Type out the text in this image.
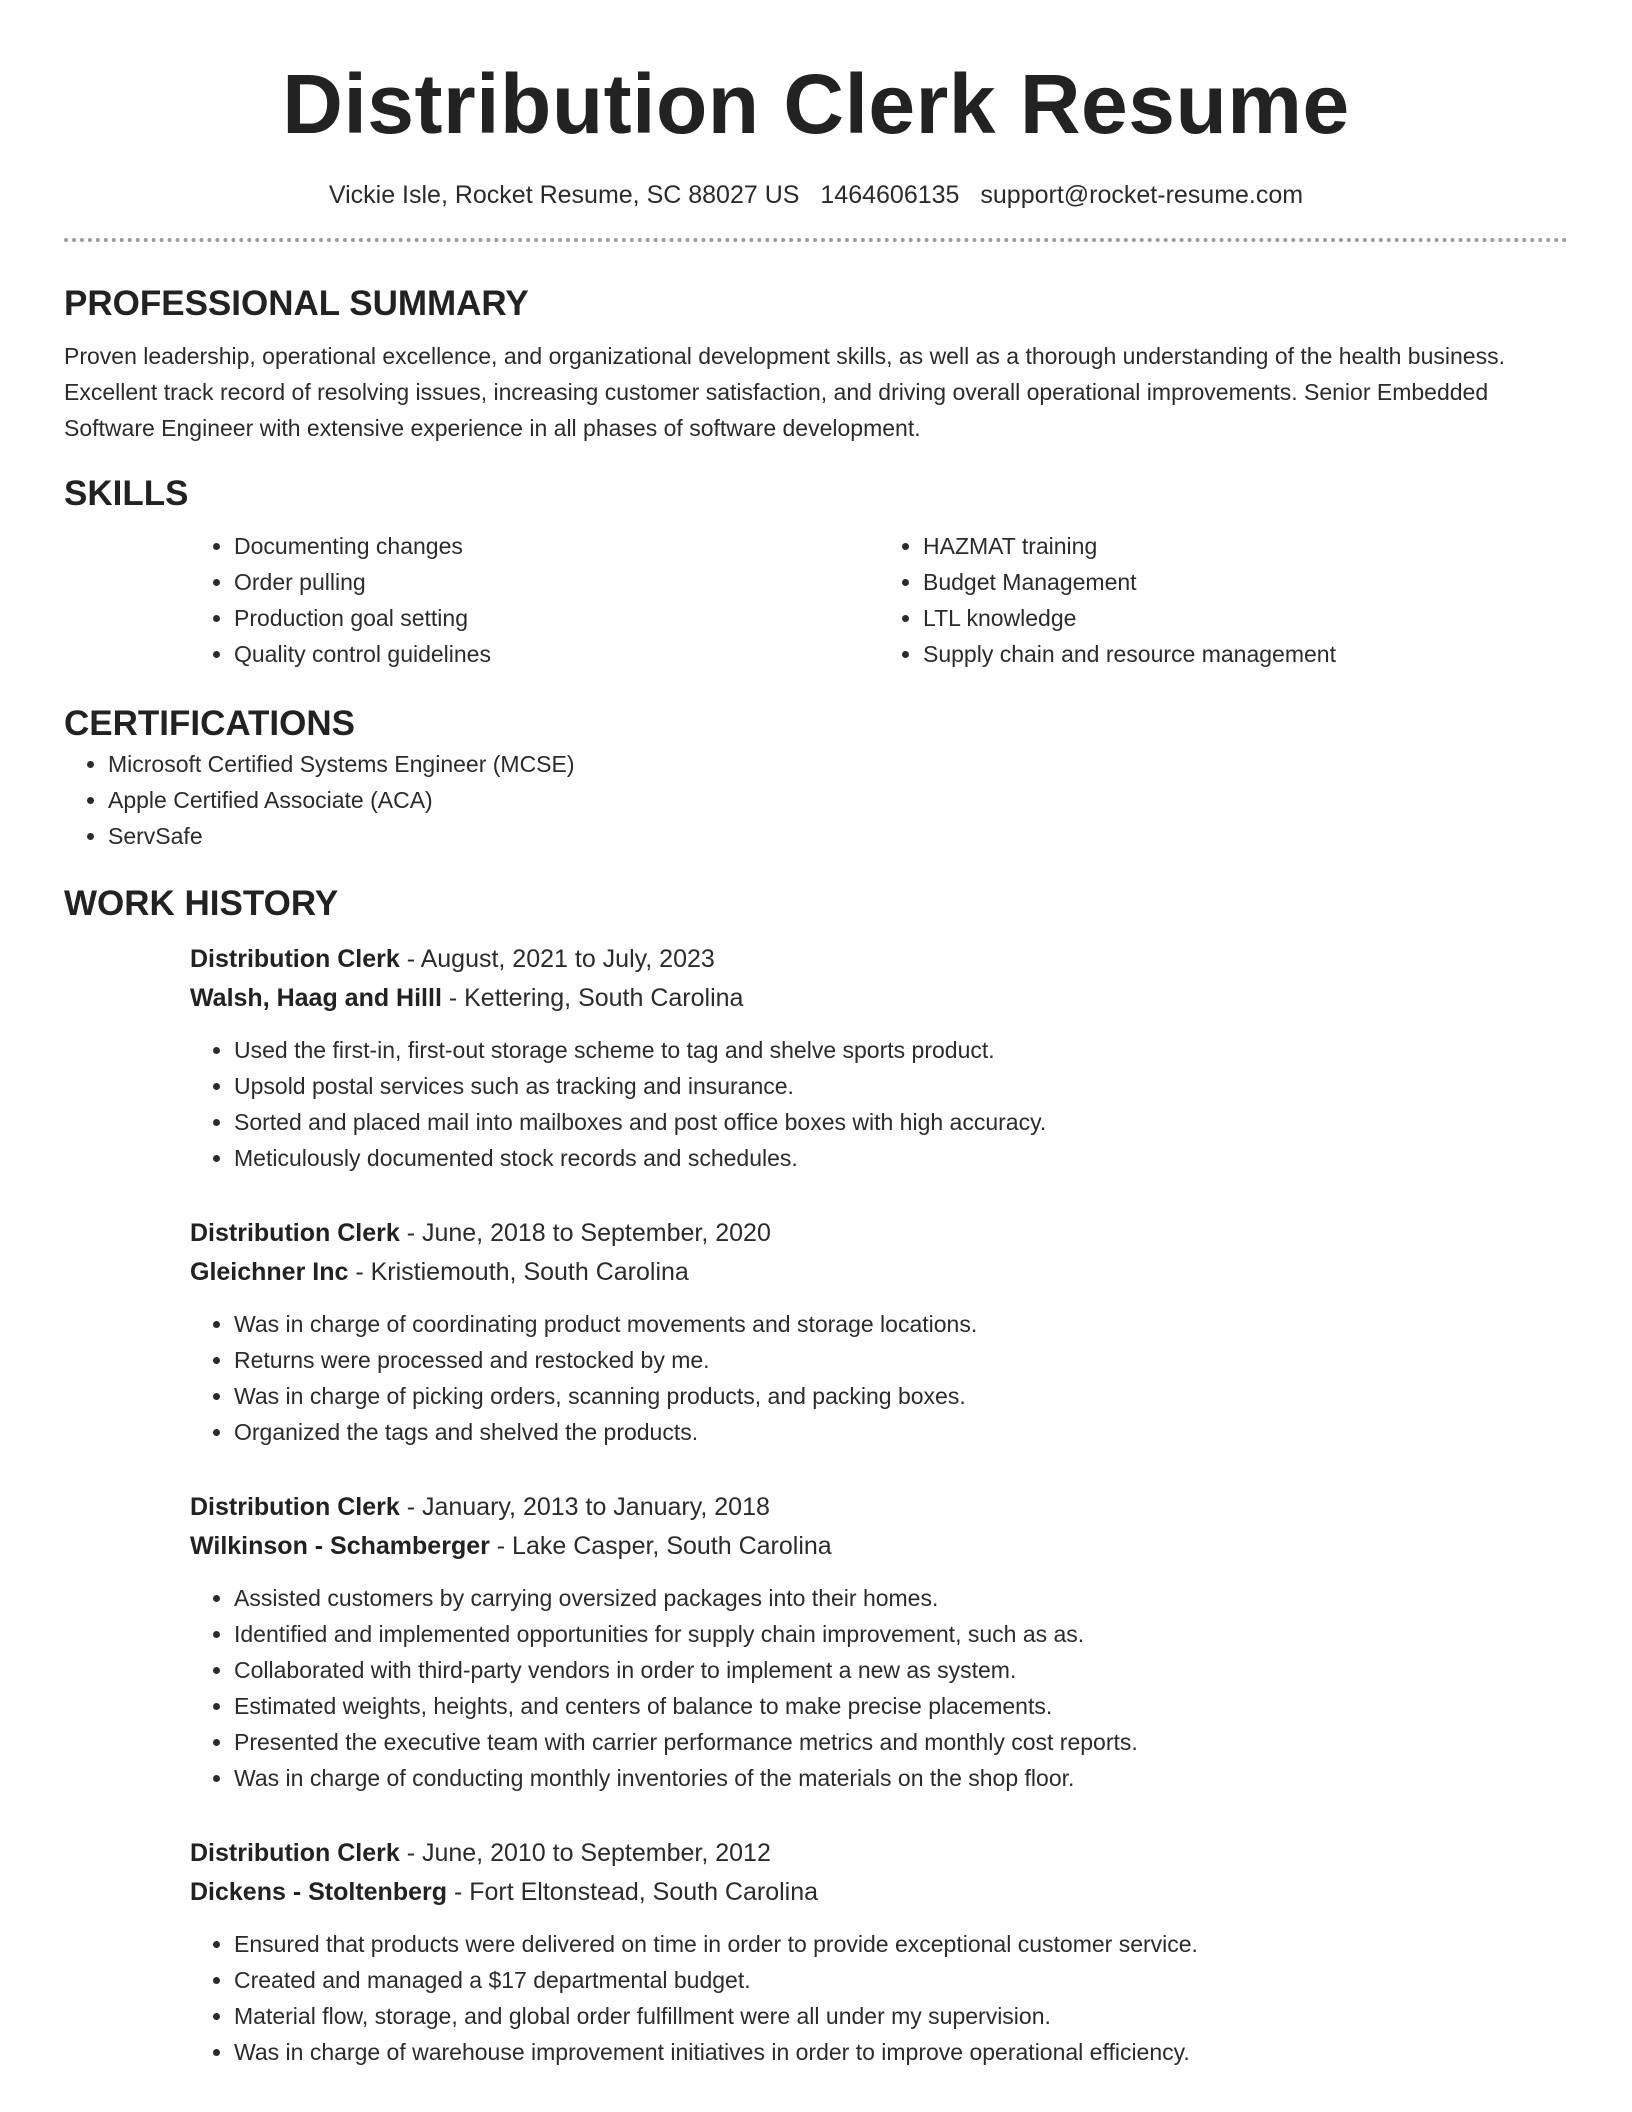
Distribution Clerk Resume
Vickie Isle, Rocket Resume, SC 88027 US 1464606135 support@rocket-resume.com
PROFESSIONAL SUMMARY

Proven leadership, operational excellence, and organizational development skills, as well as a thorough understanding of the health business. Excellent track record of resolving issues, increasing customer satisfaction, and driving overall operational improvements. Senior Embedded Software Engineer with extensive experience in all phases of software development.

SKILLS
• Documenting changes
• Order pulling
• Production goal setting
• Quality control guidelines
• HAZMAT training
• Budget Management
• LTL knowledge
• Supply chain and resource management
CERTIFICATIONS
• Microsoft Certified Systems Engineer (MCSE)
• Apple Certified Associate (ACA)
• ServSafe
WORK HISTORY
Distribution Clerk - August, 2021 to July, 2023
Walsh, Haag and Hilll - Kettering, South Carolina
• Used the first-in, first-out storage scheme to tag and shelve sports product.
• Upsold postal services such as tracking and insurance.
• Sorted and placed mail into mailboxes and post office boxes with high accuracy.
• Meticulously documented stock records and schedules.
Distribution Clerk - June, 2018 to September, 2020
Gleichner Inc - Kristiemouth, South Carolina
• Was in charge of coordinating product movements and storage locations.
• Returns were processed and restocked by me.
• Was in charge of picking orders, scanning products, and packing boxes.
• Organized the tags and shelved the products.
Distribution Clerk - January, 2013 to January, 2018
Wilkinson - Schamberger - Lake Casper, South Carolina
• Assisted customers by carrying oversized packages into their homes.
• Identified and implemented opportunities for supply chain improvement, such as as.
• Collaborated with third-party vendors in order to implement a new as system.
• Estimated weights, heights, and centers of balance to make precise placements.
• Presented the executive team with carrier performance metrics and monthly cost reports.
• Was in charge of conducting monthly inventories of the materials on the shop floor.
Distribution Clerk - June, 2010 to September, 2012
Dickens - Stoltenberg - Fort Eltonstead, South Carolina
• Ensured that products were delivered on time in order to provide exceptional customer service.
• Created and managed a $17 departmental budget.
• Material flow, storage, and global order fulfillment were all under my supervision.
• Was in charge of warehouse improvement initiatives in order to improve operational efficiency.
